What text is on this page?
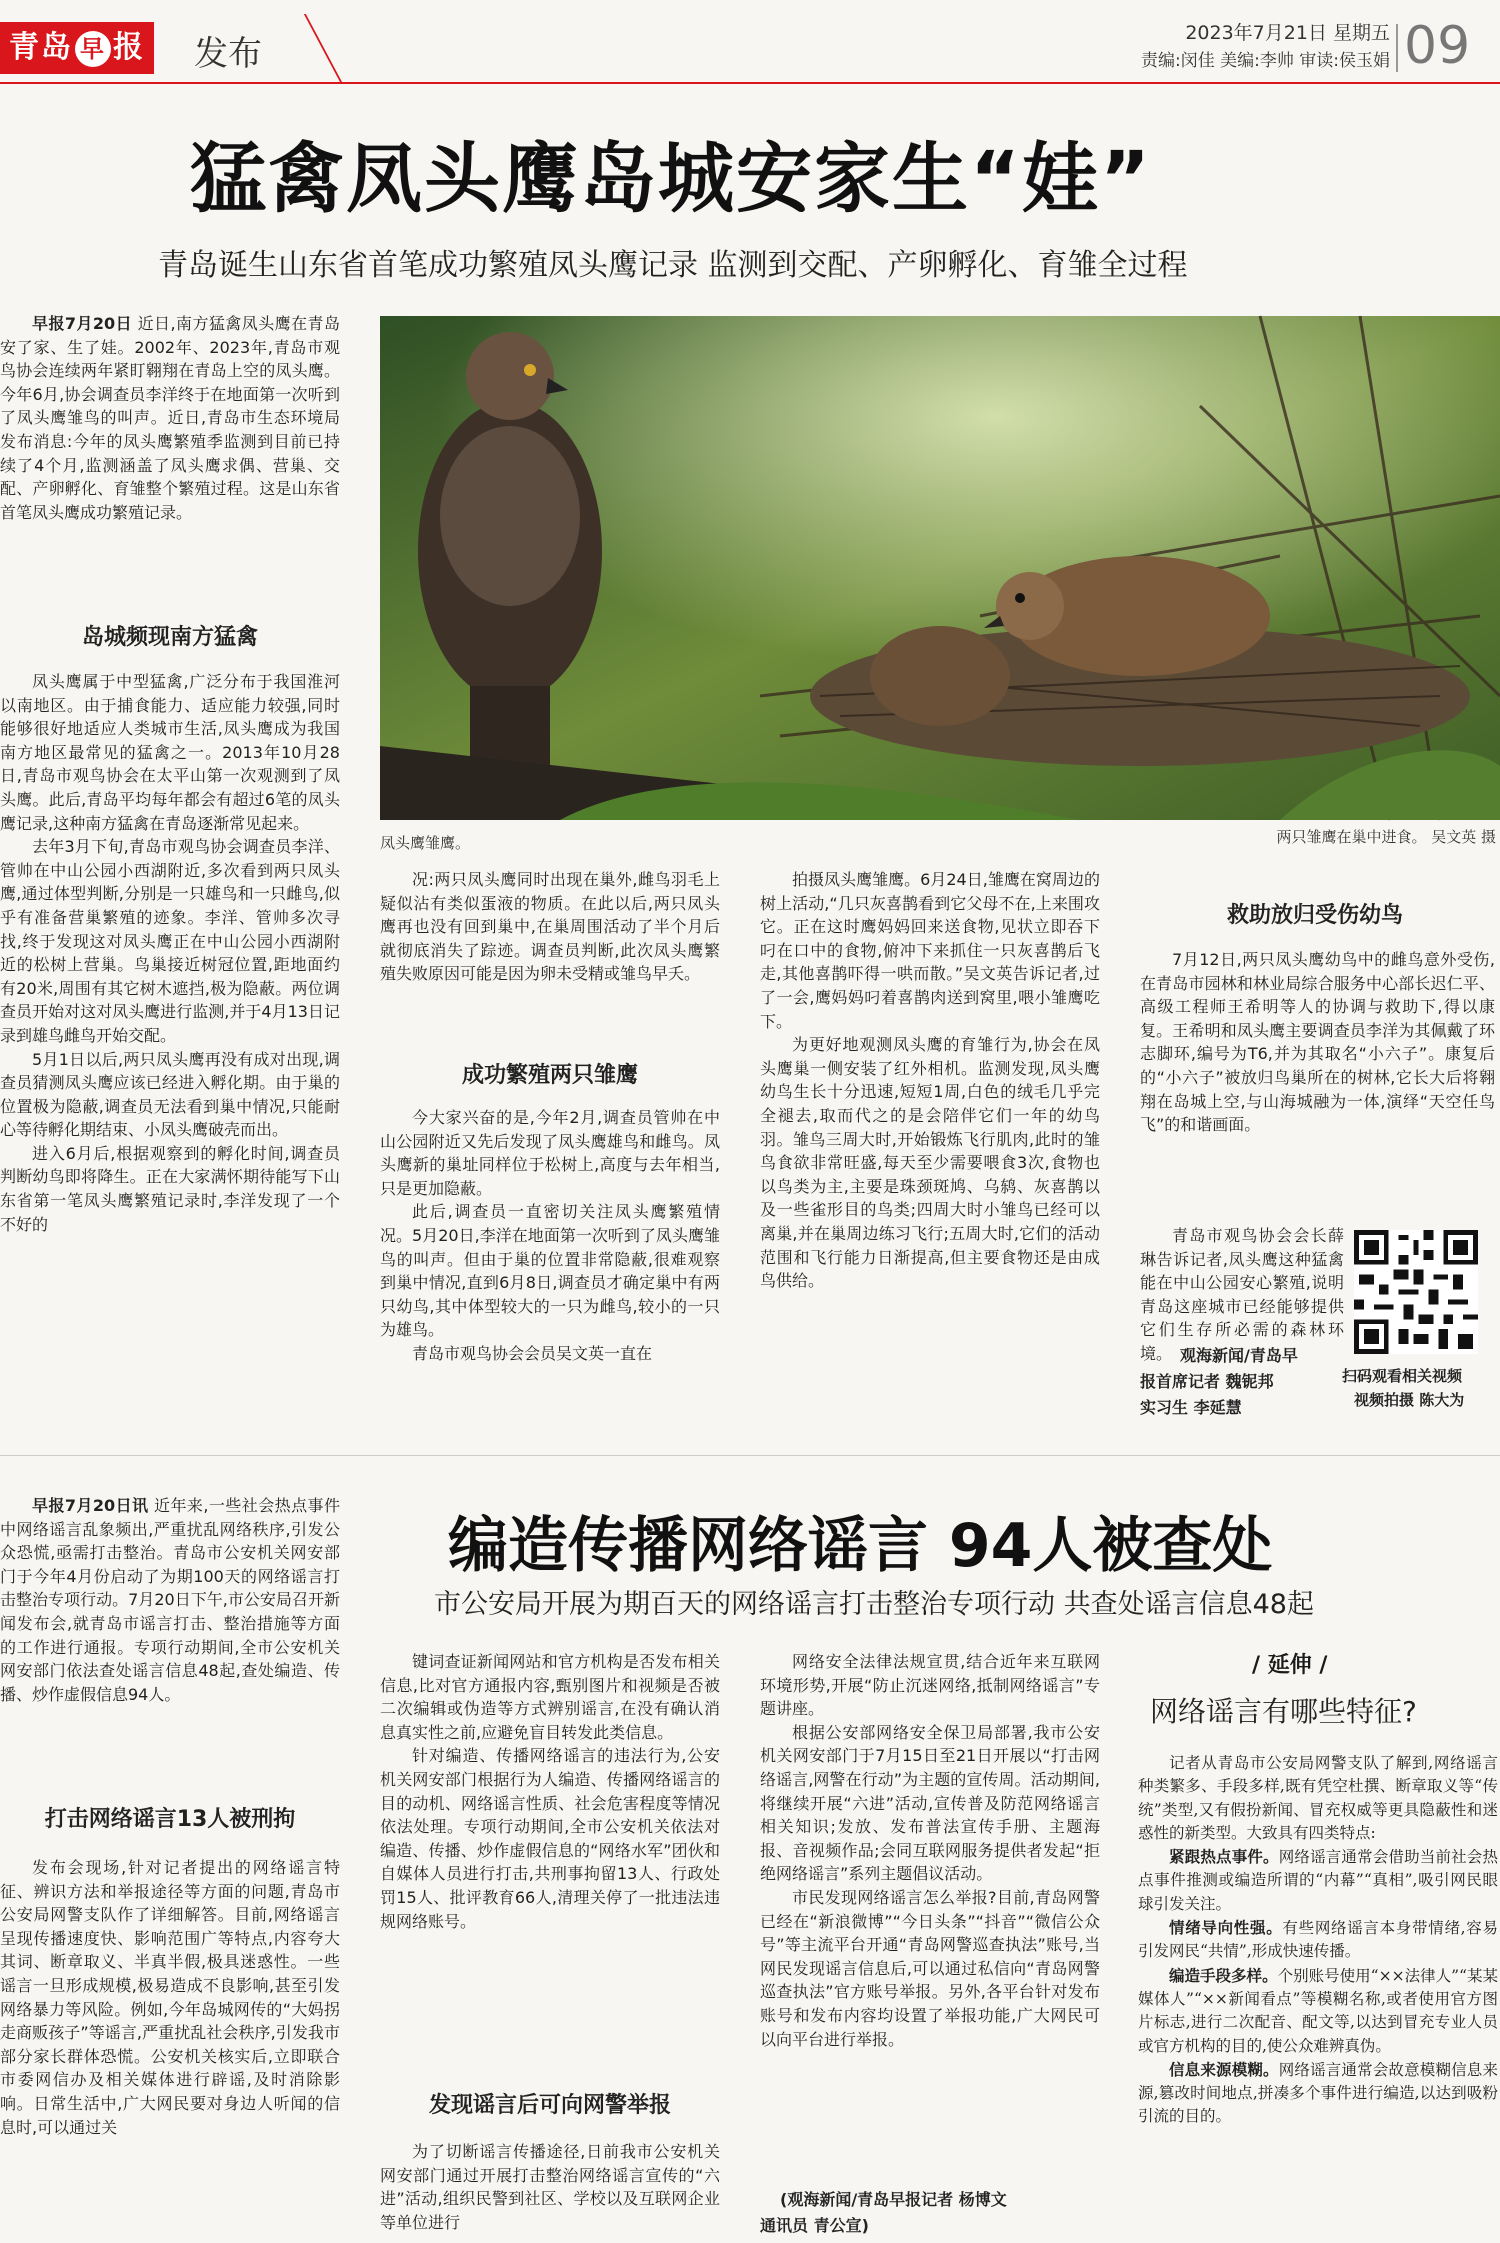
青岛 早 报 发布
2023年7月21日 星期五
责编:闵佳 美编:李帅 审读:侯玉娟 09
猛禽凤头鹰岛城安家生“娃”
青岛诞生山东省首笔成功繁殖凤头鹰记录 监测到交配、产卵孵化、育雏全过程

早报7月20日 近日,南方猛禽凤头鹰在青岛安了家、生了娃。2002年、2023年,青岛市观鸟协会连续两年紧盯翱翔在青岛上空的凤头鹰。今年6月,协会调查员李洋终于在地面第一次听到了凤头鹰雏鸟的叫声。近日,青岛市生态环境局发布消息:今年的凤头鹰繁殖季监测到目前已持续了4个月,监测涵盖了凤头鹰求偶、营巢、交配、产卵孵化、育雏整个繁殖过程。这是山东省首笔凤头鹰成功繁殖记录。

岛城频现南方猛禽

凤头鹰属于中型猛禽,广泛分布于我国淮河以南地区。由于捕食能力、适应能力较强,同时能够很好地适应人类城市生活,凤头鹰成为我国南方地区最常见的猛禽之一。2013年10月28日,青岛市观鸟协会在太平山第一次观测到了凤头鹰。此后,青岛平均每年都会有超过6笔的凤头鹰记录,这种南方猛禽在青岛逐渐常见起来。

去年3月下旬,青岛市观鸟协会调查员李洋、管帅在中山公园小西湖附近,多次看到两只凤头鹰,通过体型判断,分别是一只雄鸟和一只雌鸟,似乎有准备营巢繁殖的迹象。李洋、管帅多次寻找,终于发现这对凤头鹰正在中山公园小西湖附近的松树上营巢。鸟巢接近树冠位置,距地面约有20米,周围有其它树木遮挡,极为隐蔽。两位调查员开始对这对凤头鹰进行监测,并于4月13日记录到雄鸟雌鸟开始交配。

5月1日以后,两只凤头鹰再没有成对出现,调查员猜测凤头鹰应该已经进入孵化期。由于巢的位置极为隐蔽,调查员无法看到巢中情况,只能耐心等待孵化期结束、小凤头鹰破壳而出。

进入6月后,根据观察到的孵化时间,调查员判断幼鸟即将降生。正在大家满怀期待能写下山东省第一笔凤头鹰繁殖记录时,李洋发现了一个不好的

凤头鹰雏鹰。	两只雏鹰在巢中进食。 吴文英 摄

况:两只凤头鹰同时出现在巢外,雌鸟羽毛上疑似沾有类似蛋液的物质。在此以后,两只凤头鹰再也没有回到巢中,在巢周围活动了半个月后就彻底消失了踪迹。调查员判断,此次凤头鹰繁殖失败原因可能是因为卵未受精或雏鸟早夭。

成功繁殖两只雏鹰

今大家兴奋的是,今年2月,调查员管帅在中山公园附近又先后发现了凤头鹰雄鸟和雌鸟。凤头鹰新的巢址同样位于松树上,高度与去年相当,只是更加隐蔽。

此后,调查员一直密切关注凤头鹰繁殖情况。5月20日,李洋在地面第一次听到了凤头鹰雏鸟的叫声。但由于巢的位置非常隐蔽,很难观察到巢中情况,直到6月8日,调查员才确定巢中有两只幼鸟,其中体型较大的一只为雌鸟,较小的一只为雄鸟。

青岛市观鸟协会会员吴文英一直在

拍摄凤头鹰雏鹰。6月24日,雏鹰在窝周边的树上活动,“几只灰喜鹊看到它父母不在,上来围攻它。正在这时鹰妈妈回来送食物,见状立即吞下叼在口中的食物,俯冲下来抓住一只灰喜鹊后飞走,其他喜鹊吓得一哄而散。”吴文英告诉记者,过了一会,鹰妈妈叼着喜鹊肉送到窝里,喂小雏鹰吃下。

为更好地观测凤头鹰的育雏行为,协会在凤头鹰巢一侧安装了红外相机。监测发现,凤头鹰幼鸟生长十分迅速,短短1周,白色的绒毛几乎完全褪去,取而代之的是会陪伴它们一年的幼鸟羽。雏鸟三周大时,开始锻炼飞行肌肉,此时的雏鸟食欲非常旺盛,每天至少需要喂食3次,食物也以鸟类为主,主要是珠颈斑鸠、乌鸫、灰喜鹊以及一些雀形目的鸟类;四周大时小雏鸟已经可以离巢,并在巢周边练习飞行;五周大时,它们的活动范围和飞行能力日渐提高,但主要食物还是由成鸟供给。

救助放归受伤幼鸟

7月12日,两只凤头鹰幼鸟中的雌鸟意外受伤,在青岛市园林和林业局综合服务中心部长迟仁平、高级工程师王希明等人的协调与救助下,得以康复。王希明和凤头鹰主要调查员李洋为其佩戴了环志脚环,编号为T6,并为其取名“小六子”。康复后的“小六子”被放归鸟巢所在的树林,它长大后将翱翔在岛城上空,与山海城融为一体,演绎“天空任鸟飞”的和谐画面。

青岛市观鸟协会会长薛琳告诉记者,凤头鹰这种猛禽能在中山公园安心繁殖,说明青岛这座城市已经能够提供它们生存所必需的森林环境。 观海新闻/青岛早
报首席记者 魏铌邦
实习生 李延慧
扫码观看相关视频
视频拍摄 陈大为

早报7月20日讯 近年来,一些社会热点事件中网络谣言乱象频出,严重扰乱网络秩序,引发公众恐慌,亟需打击整治。青岛市公安机关网安部门于今年4月份启动了为期100天的网络谣言打击整治专项行动。7月20日下午,市公安局召开新闻发布会,就青岛市谣言打击、整治措施等方面的工作进行通报。专项行动期间,全市公安机关网安部门依法查处谣言信息48起,查处编造、传播、炒作虚假信息94人。

打击网络谣言13人被刑拘

发布会现场,针对记者提出的网络谣言特征、辨识方法和举报途径等方面的问题,青岛市公安局网警支队作了详细解答。目前,网络谣言呈现传播速度快、影响范围广等特点,内容夸大其词、断章取义、半真半假,极具迷惑性。一些谣言一旦形成规模,极易造成不良影响,甚至引发网络暴力等风险。例如,今年岛城网传的“大妈拐走商贩孩子”等谣言,严重扰乱社会秩序,引发我市部分家长群体恐慌。公安机关核实后,立即联合市委网信办及相关媒体进行辟谣,及时消除影响。日常生活中,广大网民要对身边人听闻的信息时,可以通过关

编造传播网络谣言 94人被查处
市公安局开展为期百天的网络谣言打击整治专项行动 共查处谣言信息48起

键词查证新闻网站和官方机构是否发布相关信息,比对官方通报内容,甄别图片和视频是否被二次编辑或伪造等方式辨别谣言,在没有确认消息真实性之前,应避免盲目转发此类信息。

针对编造、传播网络谣言的违法行为,公安机关网安部门根据行为人编造、传播网络谣言的目的动机、网络谣言性质、社会危害程度等情况依法处理。专项行动期间,全市公安机关依法对编造、传播、炒作虚假信息的“网络水军”团伙和自媒体人员进行打击,共刑事拘留13人、行政处罚15人、批评教育66人,清理关停了一批违法违规网络账号。

发现谣言后可向网警举报

为了切断谣言传播途径,日前我市公安机关网安部门通过开展打击整治网络谣言宣传的“六进”活动,组织民警到社区、学校以及互联网企业等单位进行

网络安全法律法规宣贯,结合近年来互联网环境形势,开展“防止沉迷网络,抵制网络谣言”专题讲座。

根据公安部网络安全保卫局部署,我市公安机关网安部门于7月15日至21日开展以“打击网络谣言,网警在行动”为主题的宣传周。活动期间,将继续开展“六进”活动,宣传普及防范网络谣言相关知识;发放、发布普法宣传手册、主题海报、音视频作品;会同互联网服务提供者发起“拒绝网络谣言”系列主题倡议活动。

市民发现网络谣言怎么举报?目前,青岛网警已经在“新浪微博”“今日头条”“抖音”“微信公众号”等主流平台开通“青岛网警巡查执法”账号,当网民发现谣言信息后,可以通过私信向“青岛网警巡查执法”官方账号举报。另外,各平台针对发布账号和发布内容均设置了举报功能,广大网民可以向平台进行举报。

(观海新闻/青岛早报记者 杨博文
通讯员 青公宣)
/ 延伸 /
网络谣言有哪些特征?

记者从青岛市公安局网警支队了解到,网络谣言种类繁多、手段多样,既有凭空杜撰、断章取义等“传统”类型,又有假扮新闻、冒充权威等更具隐蔽性和迷惑性的新类型。大致具有四类特点:

紧跟热点事件。网络谣言通常会借助当前社会热点事件推测或编造所谓的“内幕”“真相”,吸引网民眼球引发关注。

情绪导向性强。有些网络谣言本身带情绪,容易引发网民“共情”,形成快速传播。

编造手段多样。个别账号使用“××法律人”“某某媒体人”“××新闻看点”等模糊名称,或者使用官方图片标志,进行二次配音、配文等,以达到冒充专业人员或官方机构的目的,使公众难辨真伪。

信息来源模糊。网络谣言通常会故意模糊信息来源,篡改时间地点,拼凑多个事件进行编造,以达到吸粉引流的目的。
